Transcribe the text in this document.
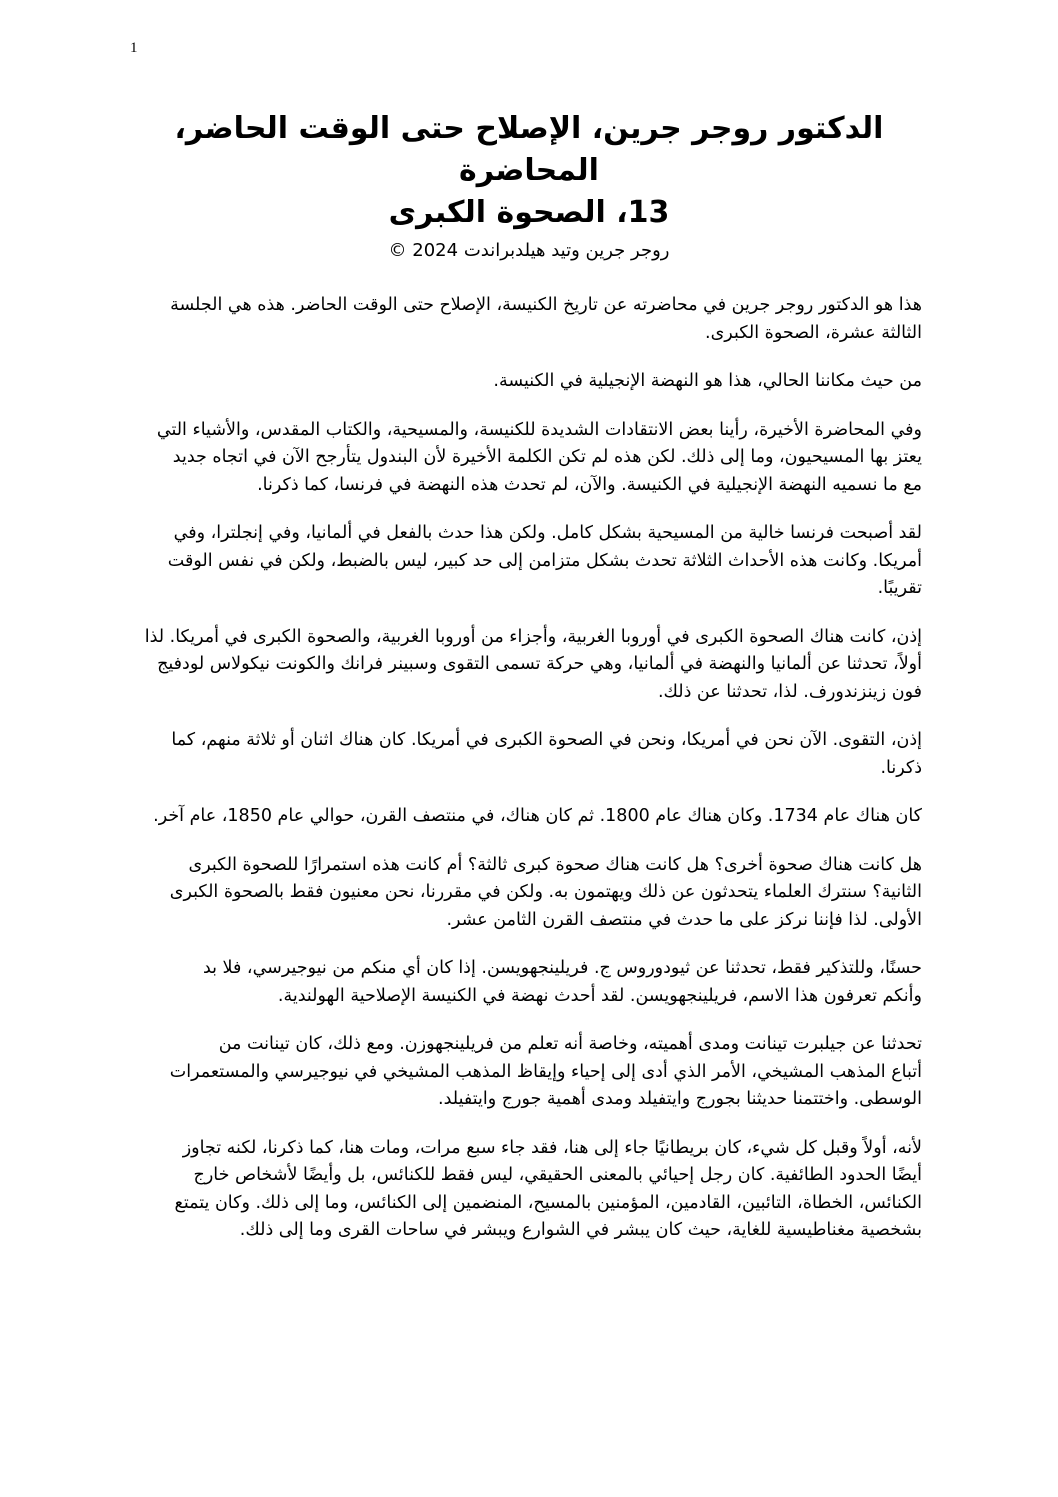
1
الدكتور روجر جرين، الإصلاح حتى الوقت الحاضر، المحاضرة
13، الصحوة الكبرى
روجر جرين وتيد هيلدبراندت 2024 ©
هذا هو الدكتور روجر جرين في محاضرته عن تاريخ الكنيسة، الإصلاح حتى الوقت الحاضر. هذه هي الجلسة
الثالثة عشرة، الصحوة الكبرى.
من حيث مكاننا الحالي، هذا هو النهضة الإنجيلية في الكنيسة.
وفي المحاضرة الأخيرة، رأينا بعض الانتقادات الشديدة للكنيسة، والمسيحية، والكتاب المقدس، والأشياء التي
يعتز بها المسيحيون، وما إلى ذلك. لكن هذه لم تكن الكلمة الأخيرة لأن البندول يتأرجح الآن في اتجاه جديد
مع ما نسميه النهضة الإنجيلية في الكنيسة. والآن، لم تحدث هذه النهضة في فرنسا، كما ذكرنا.
لقد أصبحت فرنسا خالية من المسيحية بشكل كامل. ولكن هذا حدث بالفعل في ألمانيا، وفي إنجلترا، وفي
أمريكا. وكانت هذه الأحداث الثلاثة تحدث بشكل متزامن إلى حد كبير، ليس بالضبط، ولكن في نفس الوقت
تقريبًا.
إذن، كانت هناك الصحوة الكبرى في أوروبا الغربية، وأجزاء من أوروبا الغربية، والصحوة الكبرى في أمريكا. لذا
أولاً، تحدثنا عن ألمانيا والنهضة في ألمانيا، وهي حركة تسمى التقوى وسبينر فرانك والكونت نيكولاس لودفيج
فون زينزندورف. لذا، تحدثنا عن ذلك.
إذن، التقوى. الآن نحن في أمريكا، ونحن في الصحوة الكبرى في أمريكا. كان هناك اثنان أو ثلاثة منهم، كما
ذكرنا.
كان هناك عام 1734. وكان هناك عام 1800. ثم كان هناك، في منتصف القرن، حوالي عام 1850، عام آخر.
هل كانت هناك صحوة أخرى؟ هل كانت هناك صحوة كبرى ثالثة؟ أم كانت هذه استمرارًا للصحوة الكبرى
الثانية؟ سنترك العلماء يتحدثون عن ذلك ويهتمون به. ولكن في مقررنا، نحن معنيون فقط بالصحوة الكبرى
الأولى. لذا فإننا نركز على ما حدث في منتصف القرن الثامن عشر.
حسنًا، وللتذكير فقط، تحدثنا عن ثيودوروس ج. فريلينجهويسن. إذا كان أي منكم من نيوجيرسي، فلا بد
وأنكم تعرفون هذا الاسم، فريلينجهويسن. لقد أحدث نهضة في الكنيسة الإصلاحية الهولندية.
تحدثنا عن جيلبرت تينانت ومدى أهميته، وخاصة أنه تعلم من فريلينجهوزن. ومع ذلك، كان تينانت من
أتباع المذهب المشيخي، الأمر الذي أدى إلى إحياء وإيقاظ المذهب المشيخي في نيوجيرسي والمستعمرات
الوسطى. واختتمنا حديثنا بجورج وايتفيلد ومدى أهمية جورج وايتفيلد.
لأنه، أولاً وقبل كل شيء، كان بريطانيًا جاء إلى هنا، فقد جاء سبع مرات، ومات هنا، كما ذكرنا، لكنه تجاوز
أيضًا الحدود الطائفية. كان رجل إحيائي بالمعنى الحقيقي، ليس فقط للكنائس، بل وأيضًا لأشخاص خارج
الكنائس، الخطاة، التائبين، القادمين، المؤمنين بالمسيح، المنضمين إلى الكنائس، وما إلى ذلك. وكان يتمتع
بشخصية مغناطيسية للغاية، حيث كان يبشر في الشوارع ويبشر في ساحات القرى وما إلى ذلك.
